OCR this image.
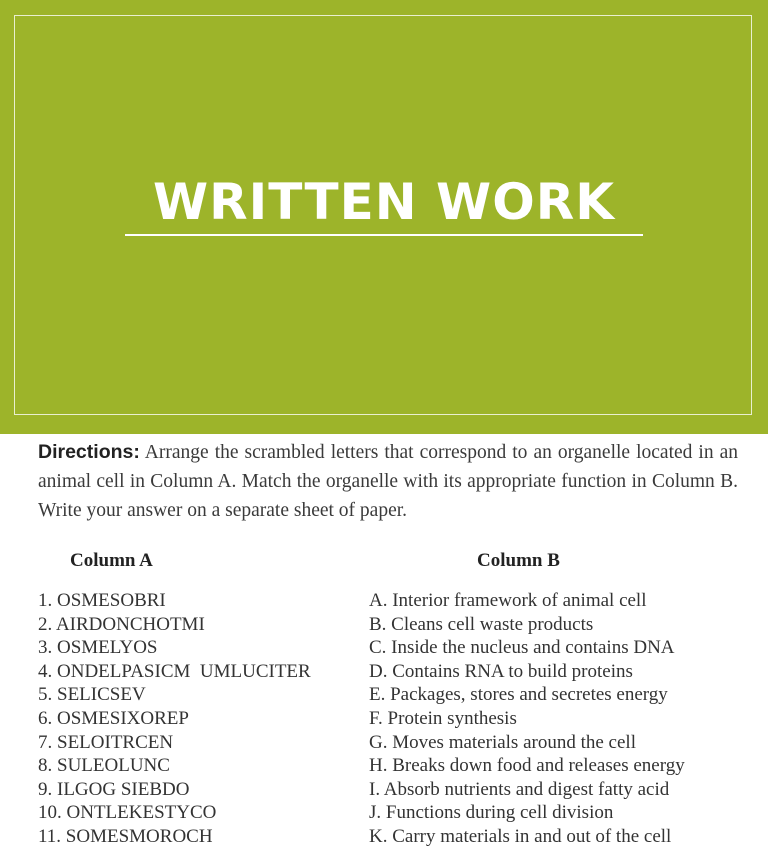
WRITTEN WORK
Directions: Arrange the scrambled letters that correspond to an organelle located in an animal cell in Column A. Match the organelle with its appropriate function in Column B. Write your answer on a separate sheet of paper.
Column A	Column B
1. OSMESOBRI
2. AIRDONCHOTMI
3. OSMELYOS
4. ONDELPASICM  UMLUCITER
5. SELICSEV
6. OSMESIXOREP
7. SELOITRCEN
8. SULEOLUNC
9. ILGOG SIEBDO
10. ONTLEKESTYCO
11. SOMESMOROCH
A. Interior framework of animal cell
B. Cleans cell waste products
C. Inside the nucleus and contains DNA
D. Contains RNA to build proteins
E. Packages, stores and secretes energy
F. Protein synthesis
G. Moves materials around the cell
H. Breaks down food and releases energy
I. Absorb nutrients and digest fatty acid
J. Functions during cell division
K. Carry materials in and out of the cell
